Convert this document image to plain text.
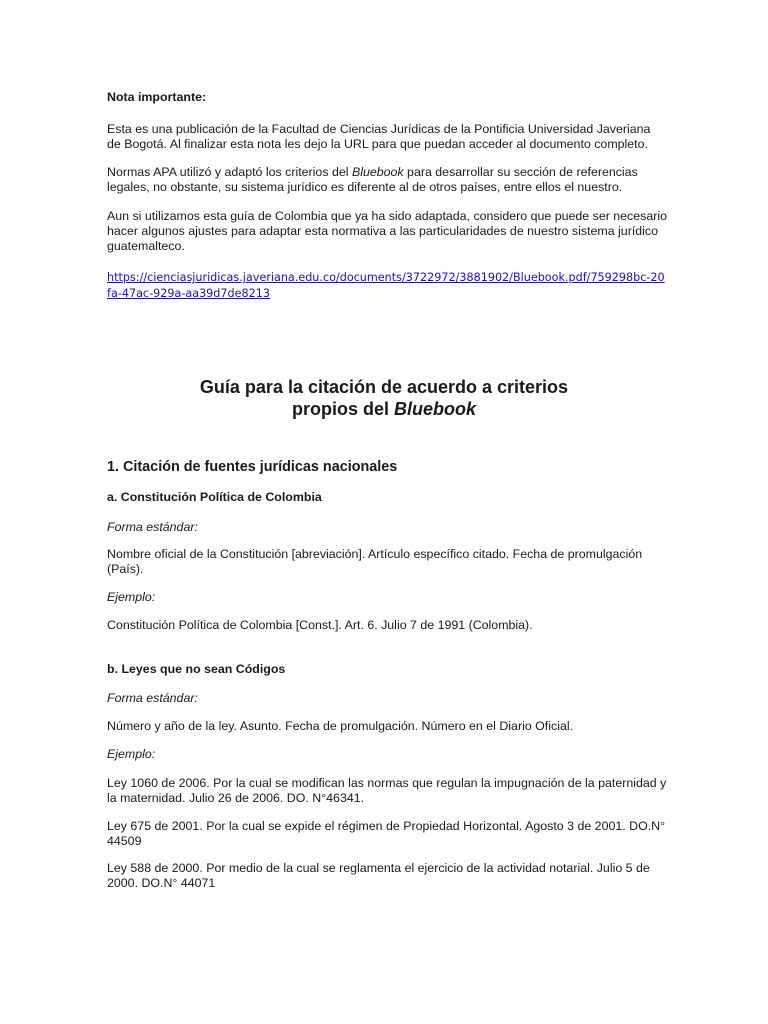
Nota importante:

Esta es una publicación de la Facultad de Ciencias Jurídicas de la Pontificia Universidad Javeriana de Bogotá. Al finalizar esta nota les dejo la URL para que puedan acceder al documento completo.

Normas APA utilizó y adaptó los criterios del Bluebook para desarrollar su sección de referencias legales, no obstante, su sistema jurídico es diferente al de otros países, entre ellos el nuestro.

Aun si utilizamos esta guía de Colombia que ya ha sido adaptada, considero que puede ser necesario hacer algunos ajustes para adaptar esta normativa a las particularidades de nuestro sistema jurídico guatemalteco.

https://cienciasjuridicas.javeriana.edu.co/documents/3722972/3881902/Bluebook.pdf/759298bc-20fa-47ac-929a-aa39d7de8213
Guía para la citación de acuerdo a criterios
propios del Bluebook
1. Citación de fuentes jurídicas nacionales
a. Constitución Política de Colombia

Forma estándar:

Nombre oficial de la Constitución [abreviación]. Artículo específico citado. Fecha de promulgación (País).

Ejemplo:

Constitución Política de Colombia [Const.]. Art. 6. Julio 7 de 1991 (Colombia).

b. Leyes que no sean Códigos

Forma estándar:

Número y año de la ley. Asunto. Fecha de promulgación. Número en el Diario Oficial.

Ejemplo:

Ley 1060 de 2006. Por la cual se modifican las normas que regulan la impugnación de la paternidad y la maternidad. Julio 26 de 2006. DO. N°46341.

Ley 675 de 2001. Por la cual se expide el régimen de Propiedad Horizontal. Agosto 3 de 2001. DO.N° 44509

Ley 588 de 2000. Por medio de la cual se reglamenta el ejercicio de la actividad notarial. Julio 5 de 2000. DO.N° 44071
